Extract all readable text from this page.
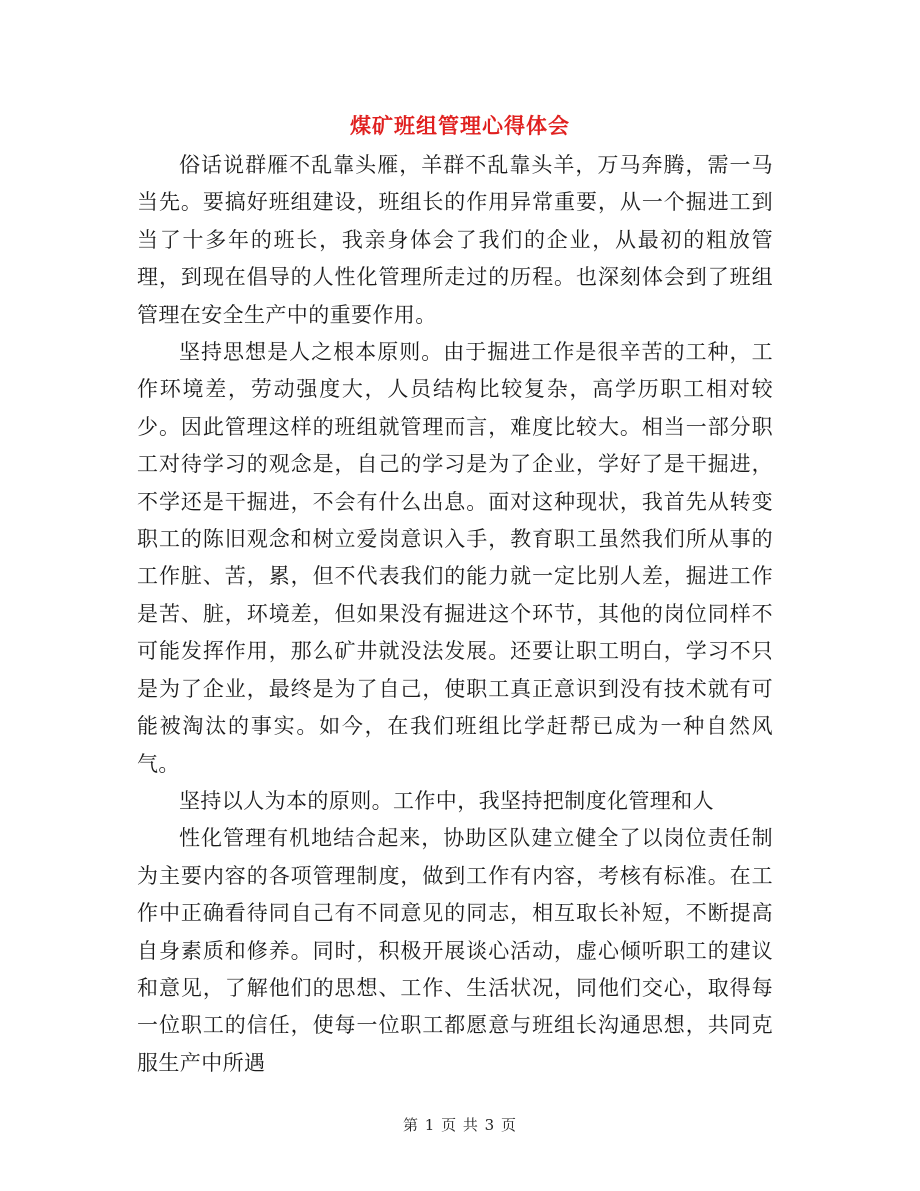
煤矿班组管理心得体会

俗话说群雁不乱靠头雁，羊群不乱靠头羊，万马奔腾，需一马当先。要搞好班组建设，班组长的作用异常重要，从一个掘进工到当了十多年的班长，我亲身体会了我们的企业，从最初的粗放管理，到现在倡导的人性化管理所走过的历程。也深刻体会到了班组管理在安全生产中的重要作用。

坚持思想是人之根本原则。由于掘进工作是很辛苦的工种，工作环境差，劳动强度大，人员结构比较复杂，高学历职工相对较少。因此管理这样的班组就管理而言，难度比较大。相当一部分职工对待学习的观念是，自己的学习是为了企业，学好了是干掘进，不学还是干掘进，不会有什么出息。面对这种现状，我首先从转变职工的陈旧观念和树立爱岗意识入手，教育职工虽然我们所从事的工作脏、苦，累，但不代表我们的能力就一定比别人差，掘进工作是苦、脏，环境差，但如果没有掘进这个环节，其他的岗位同样不可能发挥作用，那么矿井就没法发展。还要让职工明白，学习不只是为了企业，最终是为了自己，使职工真正意识到没有技术就有可能被淘汰的事实。如今，在我们班组比学赶帮已成为一种自然风气。

坚持以人为本的原则。工作中，我坚持把制度化管理和人

性化管理有机地结合起来，协助区队建立健全了以岗位责任制为主要内容的各项管理制度，做到工作有内容，考核有标准。在工作中正确看待同自己有不同意见的同志，相互取长补短，不断提高自身素质和修养。同时，积极开展谈心活动，虚心倾听职工的建议和意见，了解他们的思想、工作、生活状况，同他们交心，取得每一位职工的信任，使每一位职工都愿意与班组长沟通思想，共同克服生产中所遇

第 1 页 共 3 页
